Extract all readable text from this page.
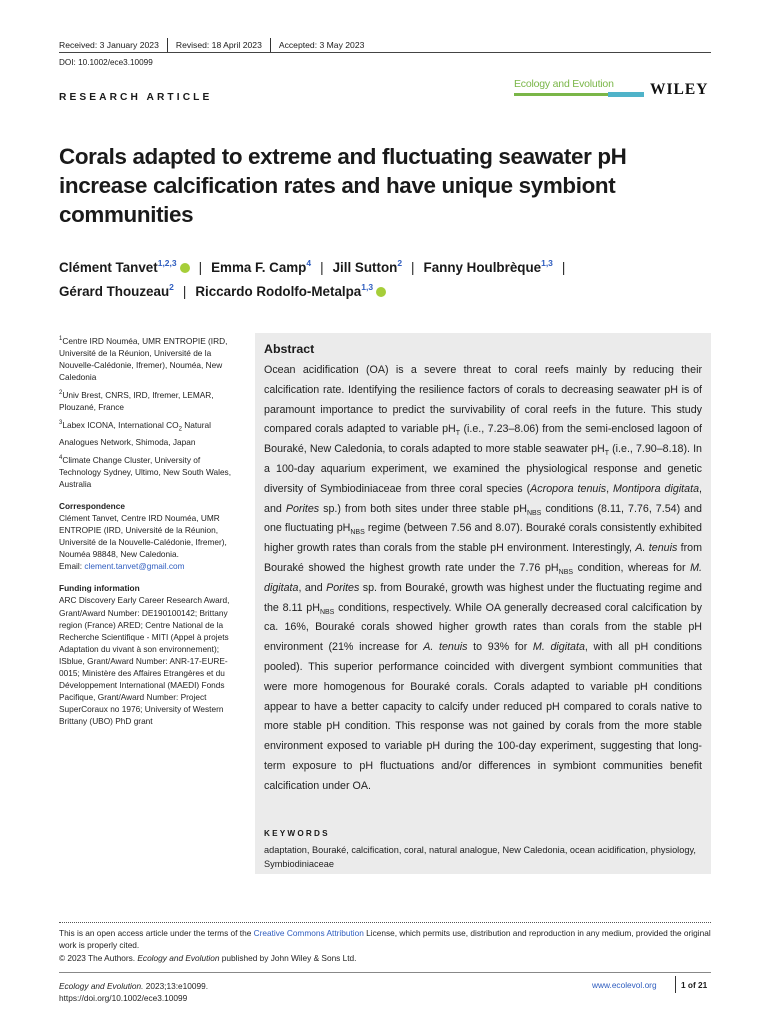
Received: 3 January 2023 Revised: 18 April 2023 Accepted: 3 May 2023
DOI: 10.1002/ece3.10099
RESEARCH ARTICLE
Ecology and Evolution WILEY
Corals adapted to extreme and fluctuating seawater pH increase calcification rates and have unique symbiont communities
Clément Tanvet$^{1,2,3}$ | Emma F. Camp$^4$ | Jill Sutton$^2$ | Fanny Houlbrèque$^{1,3}$ |
Gérard Thouzeau$^2$ | Riccardo Rodolfo-Metalpa$^{1,3}$

$^1$Centre IRD Nouméa, UMR ENTROPIE (IRD, Université de la Réunion, Université de la Nouvelle-Calédonie, Ifremer), Nouméa, New Caledonia

$^2$Univ Brest, CNRS, IRD, Ifremer, LEMAR, Plouzané, France

$^3$Labex ICONA, International $CO_2$ Natural Analogues Network, Shimoda, Japan

$^4$Climate Change Cluster, University of Technology Sydney, Ultimo, New South Wales, Australia

Correspondence

Clément Tanvet, Centre IRD Nouméa, UMR ENTROPIE (IRD, Université de la Réunion, Université de la Nouvelle-Calédonie, Ifremer), Nouméa 98848, New Caledonia.

Email: clement.tanvet@gmail.com

Funding information

ARC Discovery Early Career Research Award, Grant/Award Number: DE190100142; Brittany region (France) ARED; Centre National de la Recherche Scientifique - MITI (Appel à projets Adaptation du vivant à son environnement); ISblue, Grant/Award Number: ANR-17-EURE-0015; Ministère des Affaires Etrangères et du Développement International (MAEDI) Fonds Pacifique, Grant/Award Number: Project SuperCoraux no 1976; University of Western Brittany (UBO) PhD grant

Abstract
Ocean acidification (OA) is a severe threat to coral reefs mainly by reducing their calcification rate. Identifying the resilience factors of corals to decreasing seawater pH is of paramount importance to predict the survivability of coral reefs in the future. This study compared corals adapted to variable $pH_T$ (i.e., 7.23–8.06) from the semi-enclosed lagoon of Bouraké, New Caledonia, to corals adapted to more stable seawater $pH_T$ (i.e., 7.90–8.18). In a 100-day aquarium experiment, we examined the physiological response and genetic diversity of Symbiodiniaceae from three coral species (Acropora tenuis, Montipora digitata, and Porites sp.) from both sites under three stable $pH_{NBS}$ conditions (8.11, 7.76, 7.54) and one fluctuating $pH_{NBS}$ regime (between 7.56 and 8.07). Bouraké corals consistently exhibited higher growth rates than corals from the stable pH environment. Interestingly, A. tenuis from Bouraké showed the highest growth rate under the 7.76 $pH_{NBS}$ condition, whereas for M. digitata, and Porites sp. from Bouraké, growth was highest under the fluctuating regime and the 8.11 $pH_{NBS}$ conditions, respectively. While OA generally decreased coral calcification by ca. 16%, Bouraké corals showed higher growth rates than corals from the stable pH environment (21% increase for A. tenuis to 93% for M. digitata, with all pH conditions pooled). This superior performance coincided with divergent symbiont communities that were more homogenous for Bouraké corals. Corals adapted to variable pH conditions appear to have a better capacity to calcify under reduced pH compared to corals native to more stable pH condition. This response was not gained by corals from the more stable environment exposed to variable pH during the 100-day experiment, suggesting that long-term exposure to pH fluctuations and/or differences in symbiont communities benefit calcification under OA.
KEYWORDS
adaptation, Bouraké, calcification, coral, natural analogue, New Caledonia, ocean acidification, physiology, Symbiodiniaceae
This is an open access article under the terms of the Creative Commons Attribution License, which permits use, distribution and reproduction in any medium, provided the original work is properly cited.
© 2023 The Authors. Ecology and Evolution published by John Wiley & Sons Ltd.
Ecology and Evolution. 2023;13:e10099.
https://doi.org/10.1002/ece3.10099
www.ecolevol.org	1 of 21
